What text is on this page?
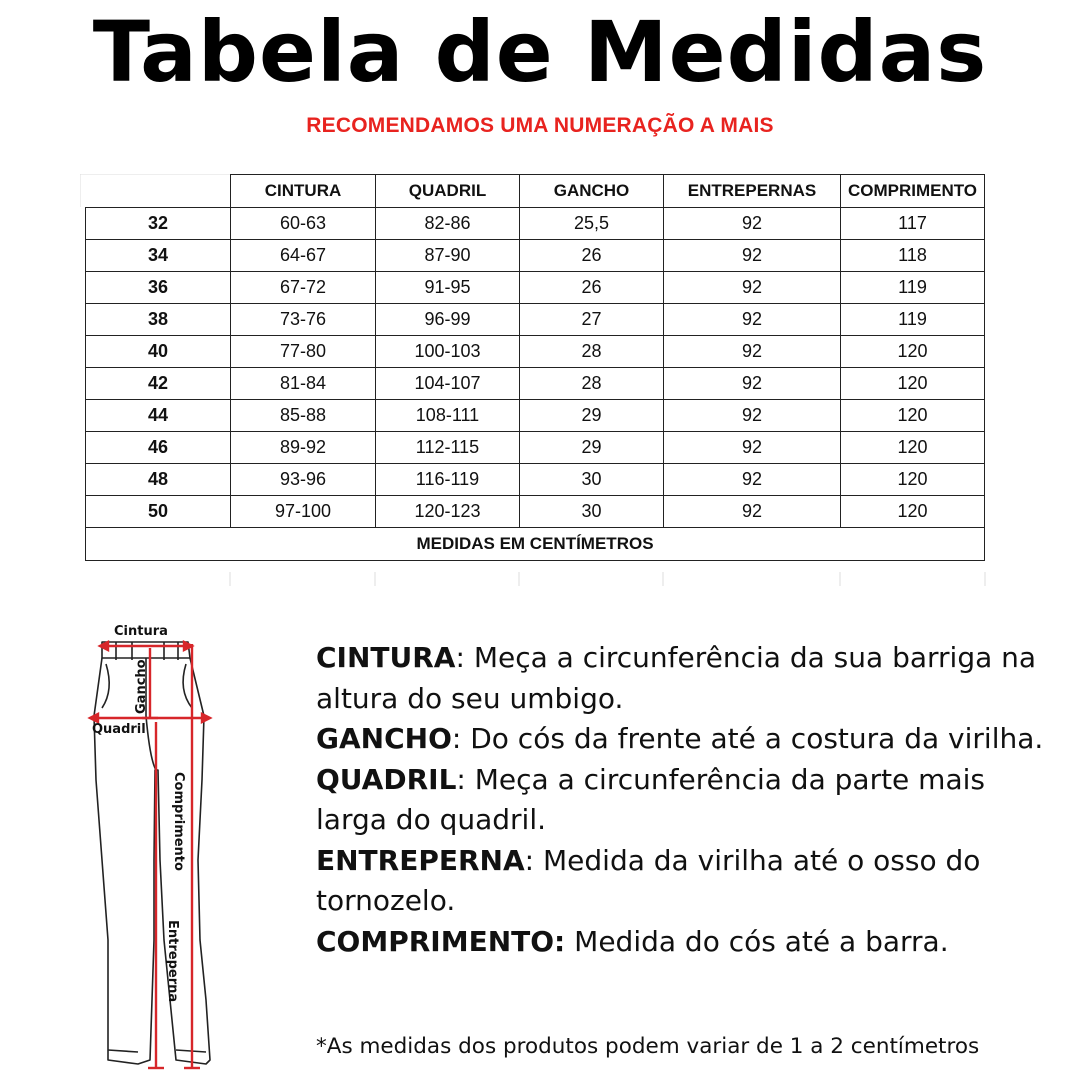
Tabela de Medidas
RECOMENDAMOS UMA NUMERAÇÃO A MAIS
	CINTURA	QUADRIL	GANCHO	ENTREPERNAS	COMPRIMENTO
32	60-63	82-86	25,5	92	117
34	64-67	87-90	26	92	118
36	67-72	91-95	26	92	119
38	73-76	96-99	27	92	119
40	77-80	100-103	28	92	120
42	81-84	104-107	28	92	120
44	85-88	108-111	29	92	120
46	89-92	112-115	29	92	120
48	93-96	116-119	30	92	120
50	97-100	120-123	30	92	120
MEDIDAS EM CENTÍMETROS					
Cintura
Gancho
Quadril
Comprimento
Entreperna

CINTURA: Meça a circunferência da sua barriga na altura do seu umbigo.

GANCHO: Do cós da frente até a costura da virilha.

QUADRIL: Meça a circunferência da parte mais larga do quadril.

ENTREPERNA: Medida da virilha até o osso do tornozelo.

COMPRIMENTO: Medida do cós até a barra.

*As medidas dos produtos podem variar de 1 a 2 centímetros
